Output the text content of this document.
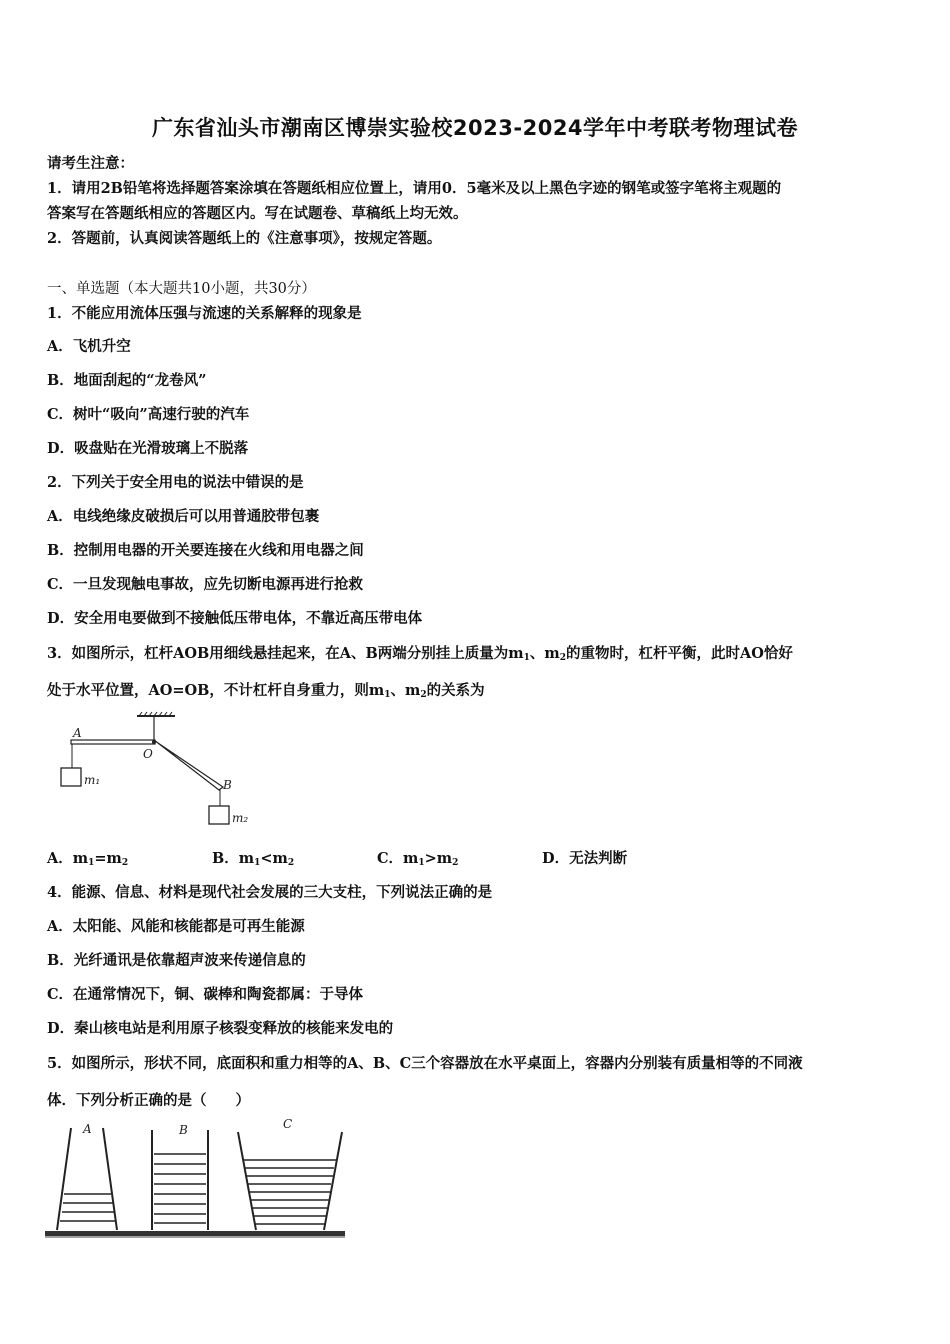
广东省汕头市潮南区博崇实验校2023-2024学年中考联考物理试卷
请考生注意：
1．请用2B铅笔将选择题答案涂填在答题纸相应位置上，请用0．5毫米及以上黑色字迹的钢笔或签字笔将主观题的
答案写在答题纸相应的答题区内。写在试题卷、草稿纸上均无效。
2．答题前，认真阅读答题纸上的《注意事项》，按规定答题。
一、单选题（本大题共10小题，共30分）
1．不能应用流体压强与流速的关系解释的现象是
A．飞机升空
B．地面刮起的“龙卷风”
C．树叶“吸向”高速行驶的汽车
D．吸盘贴在光滑玻璃上不脱落
2．下列关于安全用电的说法中错误的是
A．电线绝缘皮破损后可以用普通胶带包裹
B．控制用电器的开关要连接在火线和用电器之间
C．一旦发现触电事故，应先切断电源再进行抢救
D．安全用电要做到不接触低压带电体，不靠近高压带电体
3．如图所示，杠杆AOB用细线悬挂起来，在A、B两端分别挂上质量为$m_1$、$m_2$的重物时，杠杆平衡，此时AO恰好
处于水平位置，AO=OB，不计杠杆自身重力，则$m_1$、$m_2$的关系为
A
O
B
m₁
m₂
A．$m_1=m_2$	B．$m_1<m_2$	C．$m_1>m_2$	D．无法判断
4．能源、信息、材料是现代社会发展的三大支柱，下列说法正确的是
A．太阳能、风能和核能都是可再生能源
B．光纤通讯是依靠超声波来传递信息的
C．在通常情况下，铜、碳棒和陶瓷都属：于导体
D．秦山核电站是利用原子核裂变释放的核能来发电的
5．如图所示，形状不同，底面积和重力相等的A、B、C三个容器放在水平桌面上，容器内分别装有质量相等的不同液
体．下列分析正确的是（　　）
A	B	C
